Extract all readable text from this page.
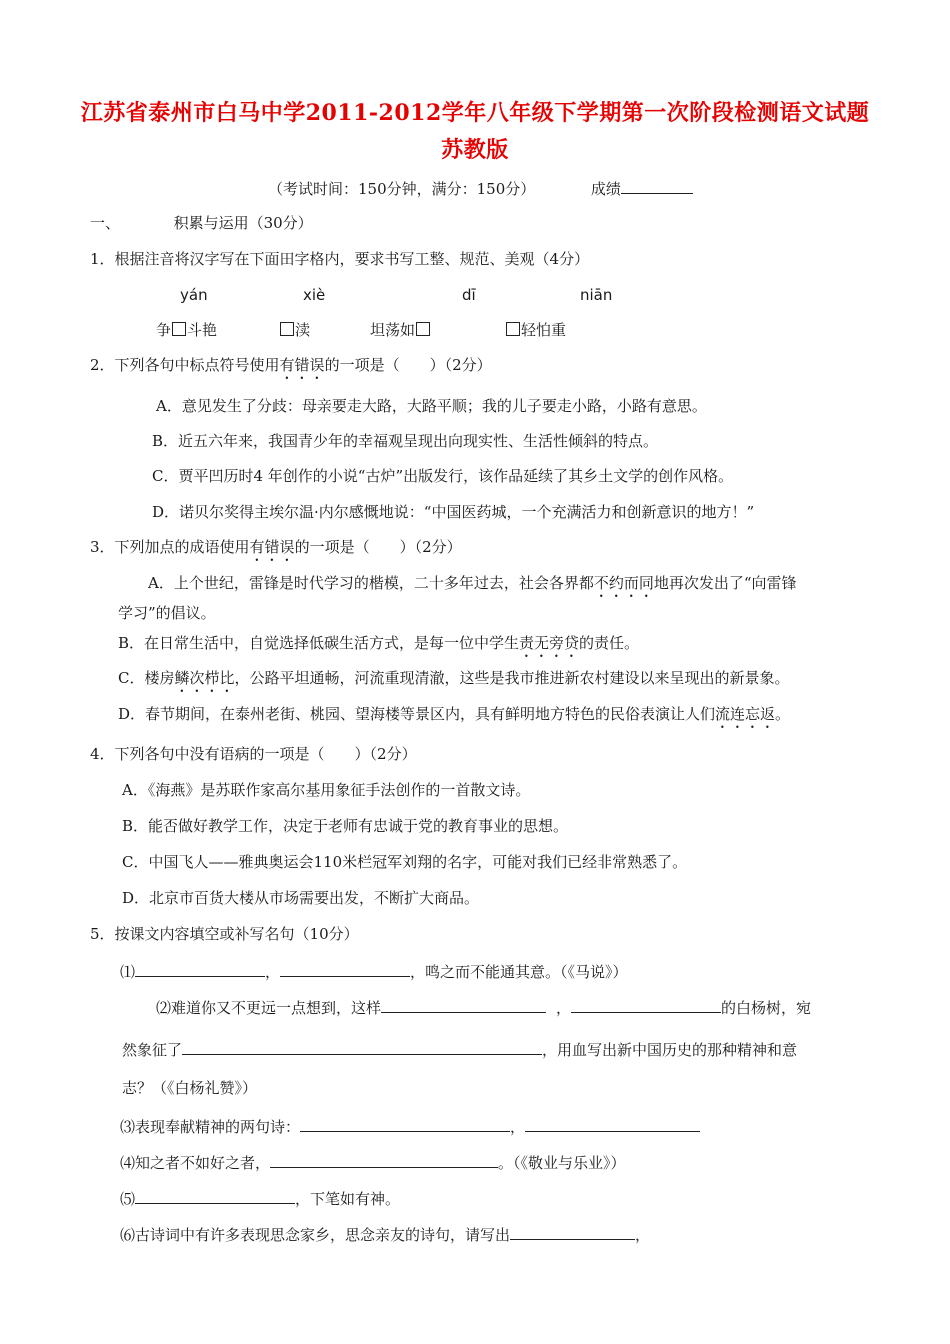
江苏省泰州市白马中学2011-2012学年八年级下学期第一次阶段检测语文试题
苏教版
（考试时间：150分钟，满分：150分）	成绩
一、	积累与运用（30分）
1．根据注音将汉字写在下面田字格内，要求书写工整、规范、美观（4分）
yán	xiè	dī	niān
争 斗艳	渎	坦荡如	轻怕重
2．下列各句中标点符号使用有错误的一项是（　　）（2分）
A．意见发生了分歧：母亲要走大路，大路平顺；我的儿子要走小路，小路有意思。
B．近五六年来，我国青少年的幸福观呈现出向现实性、生活性倾斜的特点。
C．贾平凹历时4 年创作的小说“古炉”出版发行，该作品延续了其乡土文学的创作风格。
D．诺贝尔奖得主埃尔温·内尔感慨地说：“中国医药城，一个充满活力和创新意识的地方！”
3．下列加点的成语使用有错误的一项是（　　）（2分）
A．上个世纪，雷锋是时代学习的楷模，二十多年过去，社会各界都不约而同地再次发出了“向雷锋
学习”的倡议。
B．在日常生活中，自觉选择低碳生活方式，是每一位中学生责无旁贷的责任。
C．楼房鳞次栉比，公路平坦通畅，河流重现清澈，这些是我市推进新农村建设以来呈现出的新景象。
D．春节期间，在泰州老街、桃园、望海楼等景区内，具有鲜明地方特色的民俗表演让人们流连忘返。
4．下列各句中没有语病的一项是（　　）（2分）
A．《海燕》是苏联作家高尔基用象征手法创作的一首散文诗。
B．能否做好教学工作，决定于老师有忠诚于党的教育事业的思想。
C．中国飞人——雅典奥运会110米栏冠军刘翔的名字，可能对我们已经非常熟悉了。
D．北京市百货大楼从市场需要出发，不断扩大商品。
5．按课文内容填空或补写名句（10分）
⑴	，	，鸣之而不能通其意。（《马说》）
⑵难道你又不更远一点想到，这样	，	的白杨树，宛
然象征了	，用血写出新中国历史的那种精神和意
志？（《白杨礼赞》）
⑶表现奉献精神的两句诗：	，
⑷知之者不如好之者，	。（《敬业与乐业》）
⑸	，下笔如有神。
⑹古诗词中有许多表现思念家乡，思念亲友的诗句，请写出	，
